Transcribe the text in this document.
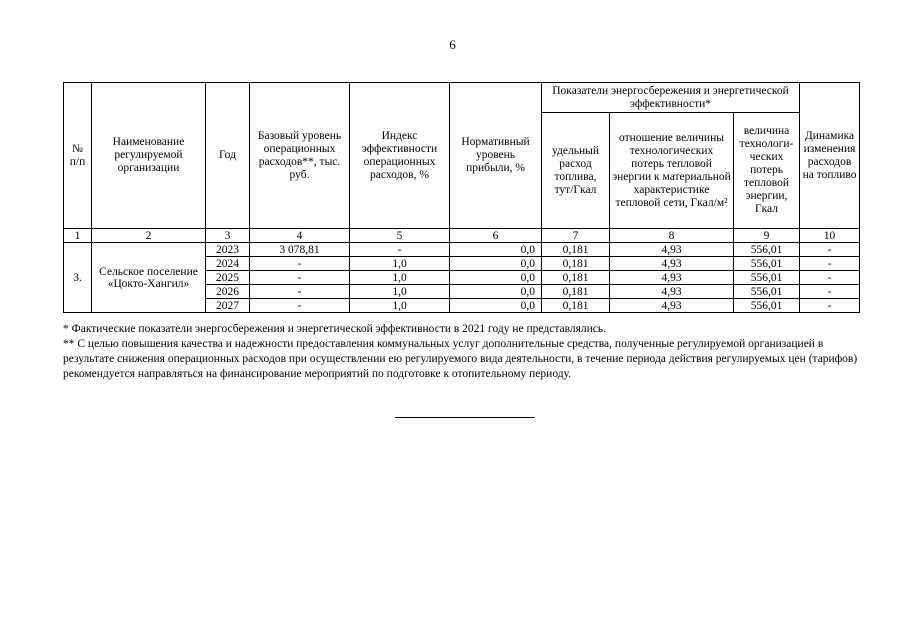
6
№ п/п	Наименование регулируемой организации	Год	Базовый уровень операционных расходов**, тыс. руб.	Индекс эффективности операционных расходов, %	Нормативный уровень прибыли, %	Показатели энергосбережения и энергетической эффективности*			Динамика изменения расходов на топливо
						удельный расход топлива, тут/Гкал	отношение величины технологических потерь тепловой энергии к материальной характеристике тепловой сети, Гкал/м²	величина технологи-ческих потерь тепловой энергии, Гкал	
1	2	3	4	5	6	7	8	9	10
3.	Сельское поселение «Цокто-Хангил»	2023	3 078,81	-	0,0	0,181	4,93	556,01	-
		2024	-	1,0	0,0	0,181	4,93	556,01	-
		2025	-	1,0	0,0	0,181	4,93	556,01	-
		2026	-	1,0	0,0	0,181	4,93	556,01	-
		2027	-	1,0	0,0	0,181	4,93	556,01	-

* Фактические показатели энергосбережения и энергетической эффективности в 2021 году не представлялись.

** С целью повышения качества и надежности предоставления коммунальных услуг дополнительные средства, полученные регулируемой организацией в результате снижения операционных расходов при осуществлении ею регулируемого вида деятельности, в течение периода действия регулируемых цен (тарифов) рекомендуется направляться на финансирование мероприятий по подготовке к отопительному периоду.
